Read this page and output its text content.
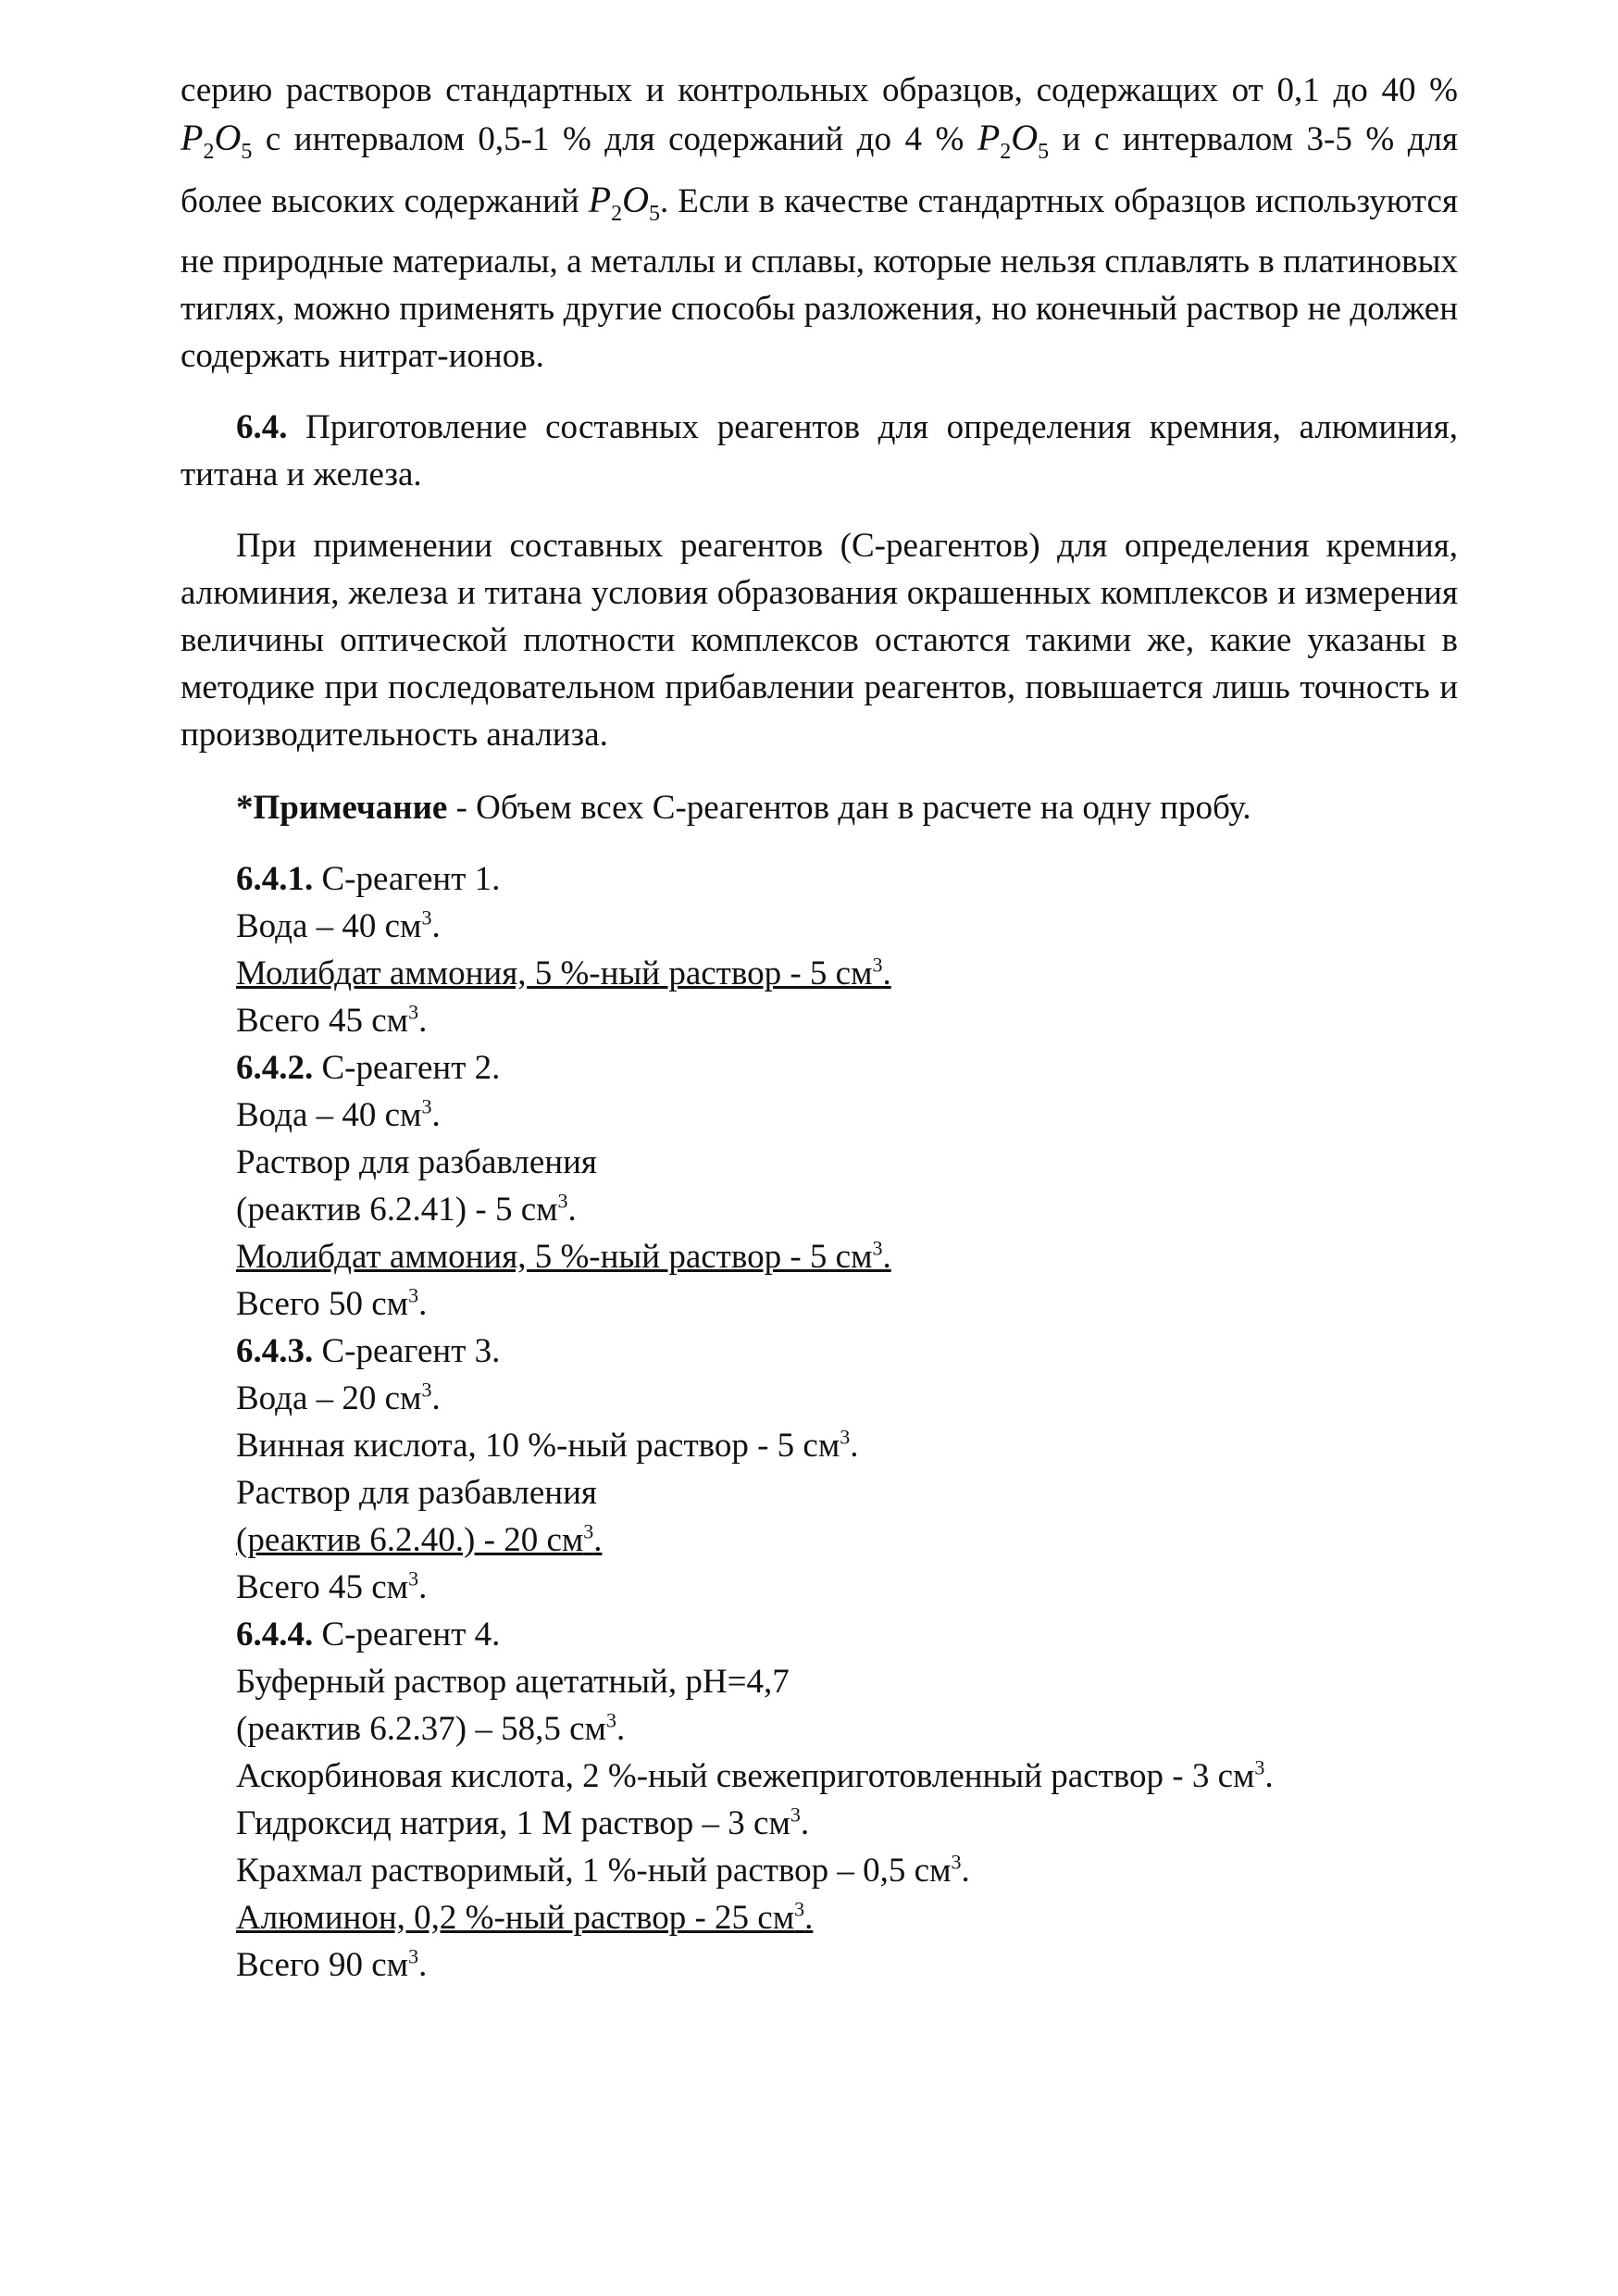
серию растворов стандартных и контрольных образцов, содержащих от 0,1 до 40 % $P_2O_5$ с интервалом 0,5-1 % для содержаний до 4 % $P_2O_5$ и с интервалом 3-5 % для более высоких содержаний $P_2O_5$. Если в качестве стандартных образцов используются не природные материалы, а металлы и сплавы, которые нельзя сплавлять в платиновых тиглях, можно применять другие способы разложения, но конечный раствор не должен содержать нитрат-ионов.

6.4. Приготовление составных реагентов для определения кремния, алюминия, титана и железа.

При применении составных реагентов (С-реагентов) для определения кремния, алюминия, железа и титана условия образования окрашенных комплексов и измерения величины оптической плотности комплексов остаются такими же, какие указаны в методике при последовательном прибавлении реагентов, повышается лишь точность и производительность анализа.

*Примечание - Объем всех С-реагентов дан в расчете на одну пробу.

6.4.1. С-реагент 1.
Вода – 40 $см^3$.
Молибдат аммония, 5 %-ный раствор - 5 $см^3$.
Всего 45 $см^3$.
6.4.2. С-реагент 2.
Вода – 40 $см^3$.
Раствор для разбавления
(реактив 6.2.41) - 5 $см^3$.
Молибдат аммония, 5 %-ный раствор - 5 $см^3$.
Всего 50 $см^3$.
6.4.3. С-реагент 3.
Вода – 20 $см^3$.
Винная кислота, 10 %-ный раствор - 5 $см^3$.
Раствор для разбавления
(реактив 6.2.40.) - 20 $см^3$.
Всего 45 $см^3$.
6.4.4. С-реагент 4.
Буферный раствор ацетатный, pH=4,7
(реактив 6.2.37) – 58,5 $см^3$.
Аскорбиновая кислота, 2 %-ный свежеприготовленный раствор - 3 $см^3$.
Гидроксид натрия, 1 М раствор – 3 $см^3$.
Крахмал растворимый, 1 %-ный раствор – 0,5 $см^3$.
Алюминон, 0,2 %-ный раствор - 25 $см^3$.
Всего 90 $см^3$.
